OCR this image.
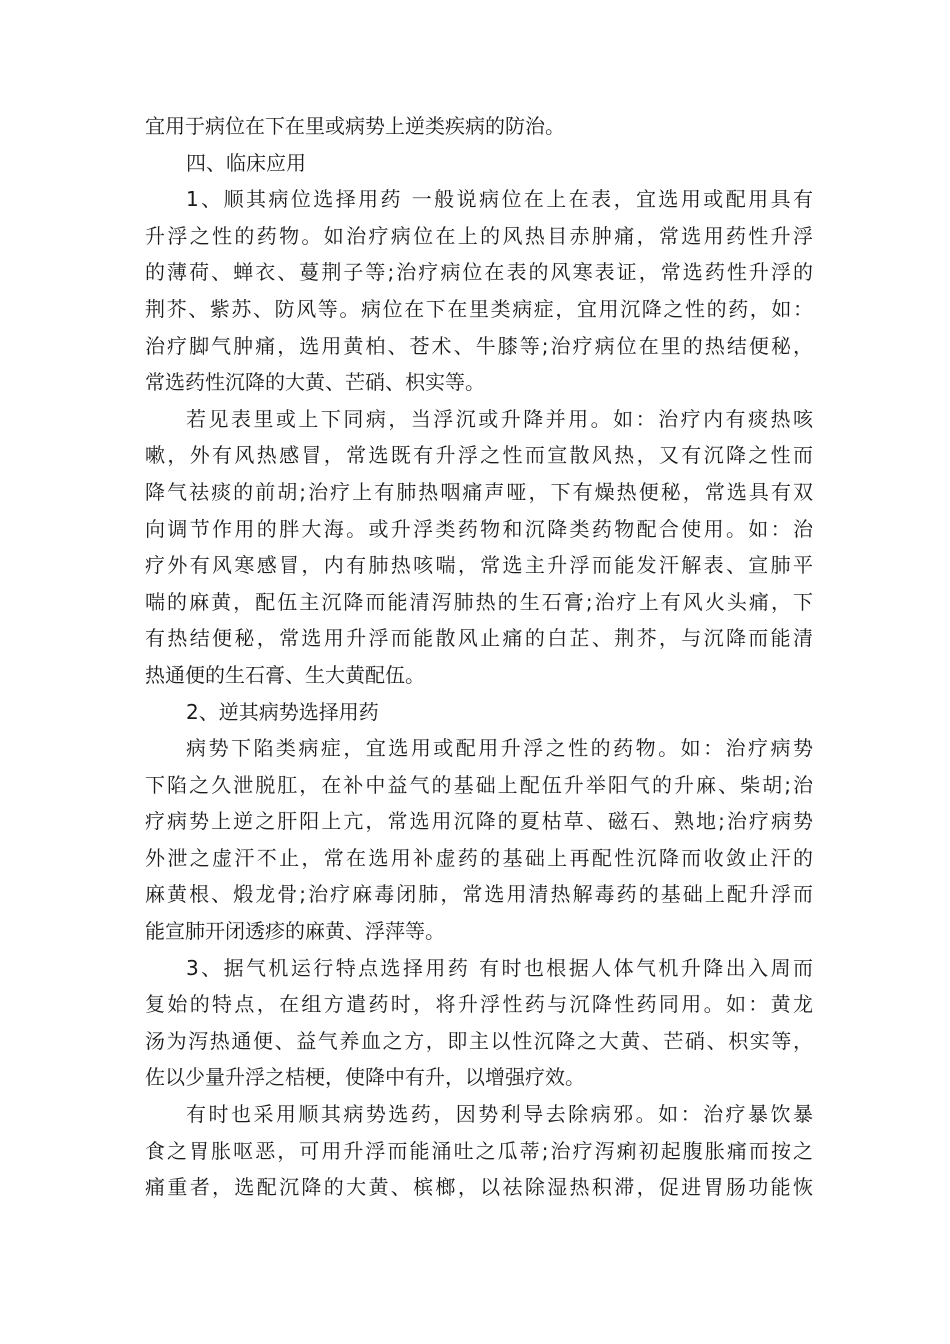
宜用于病位在下在里或病势上逆类疾病的防治。
四、临床应用
1、顺其病位选择用药 一般说病位在上在表，宜选用或配用具有
升浮之性的药物。如治疗病位在上的风热目赤肿痛，常选用药性升浮
的薄荷、蝉衣、蔓荆子等;治疗病位在表的风寒表证，常选药性升浮的
荆芥、紫苏、防风等。病位在下在里类病症，宜用沉降之性的药，如：
治疗脚气肿痛，选用黄柏、苍术、牛膝等;治疗病位在里的热结便秘，
常选药性沉降的大黄、芒硝、枳实等。
若见表里或上下同病，当浮沉或升降并用。如：治疗内有痰热咳
嗽，外有风热感冒，常选既有升浮之性而宣散风热，又有沉降之性而
降气祛痰的前胡;治疗上有肺热咽痛声哑，下有燥热便秘，常选具有双
向调节作用的胖大海。或升浮类药物和沉降类药物配合使用。如：治
疗外有风寒感冒，内有肺热咳喘，常选主升浮而能发汗解表、宣肺平
喘的麻黄，配伍主沉降而能清泻肺热的生石膏;治疗上有风火头痛，下
有热结便秘，常选用升浮而能散风止痛的白芷、荆芥，与沉降而能清
热通便的生石膏、生大黄配伍。
2、逆其病势选择用药
病势下陷类病症，宜选用或配用升浮之性的药物。如：治疗病势
下陷之久泄脱肛，在补中益气的基础上配伍升举阳气的升麻、柴胡;治
疗病势上逆之肝阳上亢，常选用沉降的夏枯草、磁石、熟地;治疗病势
外泄之虚汗不止，常在选用补虚药的基础上再配性沉降而收敛止汗的
麻黄根、煅龙骨;治疗麻毒闭肺，常选用清热解毒药的基础上配升浮而
能宣肺开闭透疹的麻黄、浮萍等。
3、据气机运行特点选择用药 有时也根据人体气机升降出入周而
复始的特点，在组方遣药时，将升浮性药与沉降性药同用。如：黄龙
汤为泻热通便、益气养血之方，即主以性沉降之大黄、芒硝、枳实等，
佐以少量升浮之桔梗，使降中有升，以增强疗效。
有时也采用顺其病势选药，因势利导去除病邪。如：治疗暴饮暴
食之胃胀呕恶，可用升浮而能涌吐之瓜蒂;治疗泻痢初起腹胀痛而按之
痛重者，选配沉降的大黄、槟榔，以祛除湿热积滞，促进胃肠功能恢
